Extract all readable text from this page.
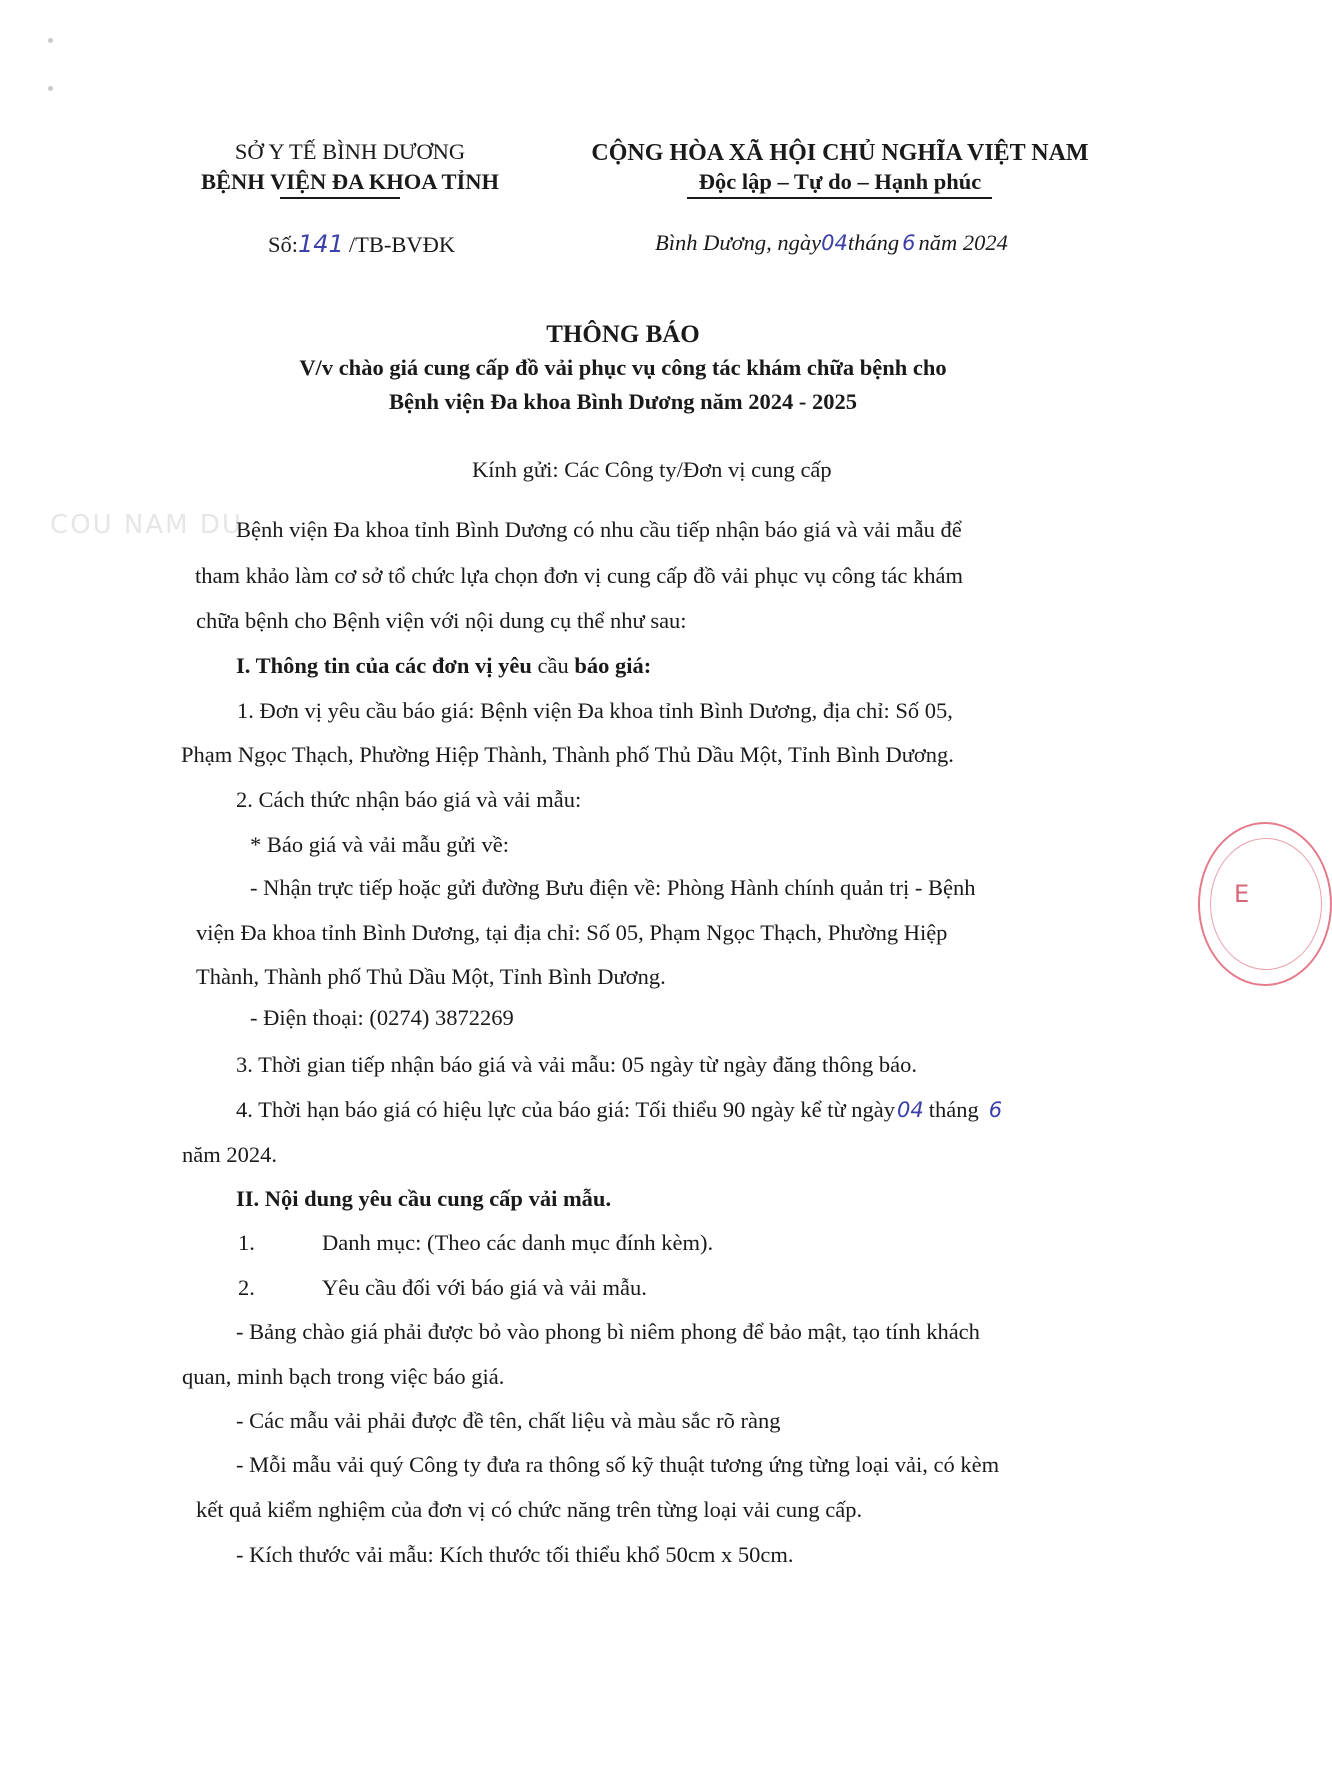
COU NAM DU
SỞ Y TẾ BÌNH DƯƠNG
BỆNH VIỆN ĐA KHOA TỈNH
CỘNG HÒA XÃ HỘI CHỦ NGHĨA VIỆT NAM
Độc lập – Tự do – Hạnh phúc
Số:141 /TB-BVĐK	Bình Dương, ngày04tháng 6 năm 2024
THÔNG BÁO
V/v chào giá cung cấp đồ vải phục vụ công tác khám chữa bệnh cho
Bệnh viện Đa khoa Bình Dương năm 2024 - 2025
Kính gửi: Các Công ty/Đơn vị cung cấp
Bệnh viện Đa khoa tỉnh Bình Dương có nhu cầu tiếp nhận báo giá và vải mẫu để
tham khảo làm cơ sở tổ chức lựa chọn đơn vị cung cấp đồ vải phục vụ công tác khám
chữa bệnh cho Bệnh viện với nội dung cụ thể như sau:
I. Thông tin của các đơn vị yêu cầu báo giá:
1. Đơn vị yêu cầu báo giá: Bệnh viện Đa khoa tỉnh Bình Dương, địa chỉ: Số 05,
Phạm Ngọc Thạch, Phường Hiệp Thành, Thành phố Thủ Dầu Một, Tỉnh Bình Dương.
2. Cách thức nhận báo giá và vải mẫu:
* Báo giá và vải mẫu gửi về:
- Nhận trực tiếp hoặc gửi đường Bưu điện về: Phòng Hành chính quản trị - Bệnh
viện Đa khoa tỉnh Bình Dương, tại địa chỉ: Số 05, Phạm Ngọc Thạch, Phường Hiệp
Thành, Thành phố Thủ Dầu Một, Tỉnh Bình Dương.
- Điện thoại: (0274) 3872269
3. Thời gian tiếp nhận báo giá và vải mẫu: 05 ngày từ ngày đăng thông báo.
4. Thời hạn báo giá có hiệu lực của báo giá: Tối thiểu 90 ngày kể từ ngày04 tháng 6
năm 2024.
II. Nội dung yêu cầu cung cấp vải mẫu.
1.	Danh mục: (Theo các danh mục đính kèm).
2.	Yêu cầu đối với báo giá và vải mẫu.
- Bảng chào giá phải được bỏ vào phong bì niêm phong để bảo mật, tạo tính khách
quan, minh bạch trong việc báo giá.
- Các mẫu vải phải được đề tên, chất liệu và màu sắc rõ ràng
- Mỗi mẫu vải quý Công ty đưa ra thông số kỹ thuật tương ứng từng loại vải, có kèm
kết quả kiểm nghiệm của đơn vị có chức năng trên từng loại vải cung cấp.
- Kích thước vải mẫu: Kích thước tối thiểu khổ 50cm x 50cm.
E
